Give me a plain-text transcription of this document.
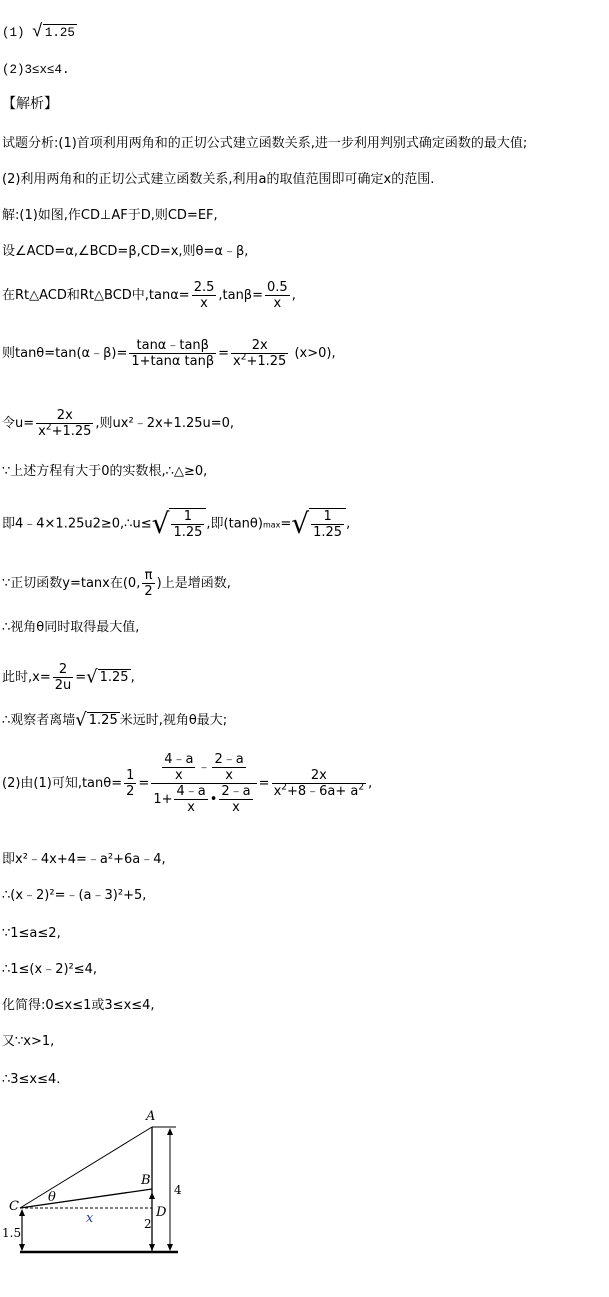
(1) √ 1.25
(2)3≤x≤4.
【解析】
试题分析:(1)首项利用两角和的正切公式建立函数关系,进一步利用判别式确定函数的最大值;
(2)利用两角和的正切公式建立函数关系,利用a的取值范围即可确定x的范围.
解:(1)如图,作CD⊥AF于D,则CD=EF,
设∠ACD=α,∠BCD=β,CD=x,则θ=α﹣β,
在Rt△ACD和Rt△BCD中$,\tan\alpha= \frac{2.5}{x} ,\tan\beta= \frac{0.5}{x}$ ,
则tanθ=tan(α﹣β)= $\frac{\tan\alpha﹣\tan\beta}{\text{1+tanα tanβ}} = \frac{2x}{x^2+1.25} (x>0)$,
令$u= \frac{2x}{x^2+1.25}$ ,则ux²﹣2x+1.25u=0,
∵上述方程有大于0的实数根,∴△≥0,
即4﹣4×1.25u2≥0,∴u≤√ $\frac{1}{1.25}$ ,即$(\tan\theta)\max=√ \frac{1}{1.25}$ ,
∵正切函数y=tanx在(0, $\frac{\pi}{2}$ )上是增函数,
∴视角θ同时取得最大值,
此时$,x= \frac{2}{2u}$ =√ 1.25 ,
∴观察者离墙√ 1.25 米远时,视角θ最大;
(2)由(1)可知$,\tan\theta= \frac{1}{2} = \frac{\frac{4﹣a}{x} ﹣ \frac{2﹣a}{x}}{1+ \frac{4﹣a}{x} • \frac{2﹣a}{x}} = \frac{2x}{x^2+8﹣6a+ a^2}$ ,
即x²﹣4x+4=﹣a²+6a﹣4,
∴(x﹣2)²=﹣(a﹣3)²+5,
∵1≤a≤2,
∴1≤(x﹣2)²≤4,
化简得:0≤x≤1或3≤x≤4,
又∵x>1,
∴3≤x≤4.
A
B
C	D
θ
x
4
2
1.5
